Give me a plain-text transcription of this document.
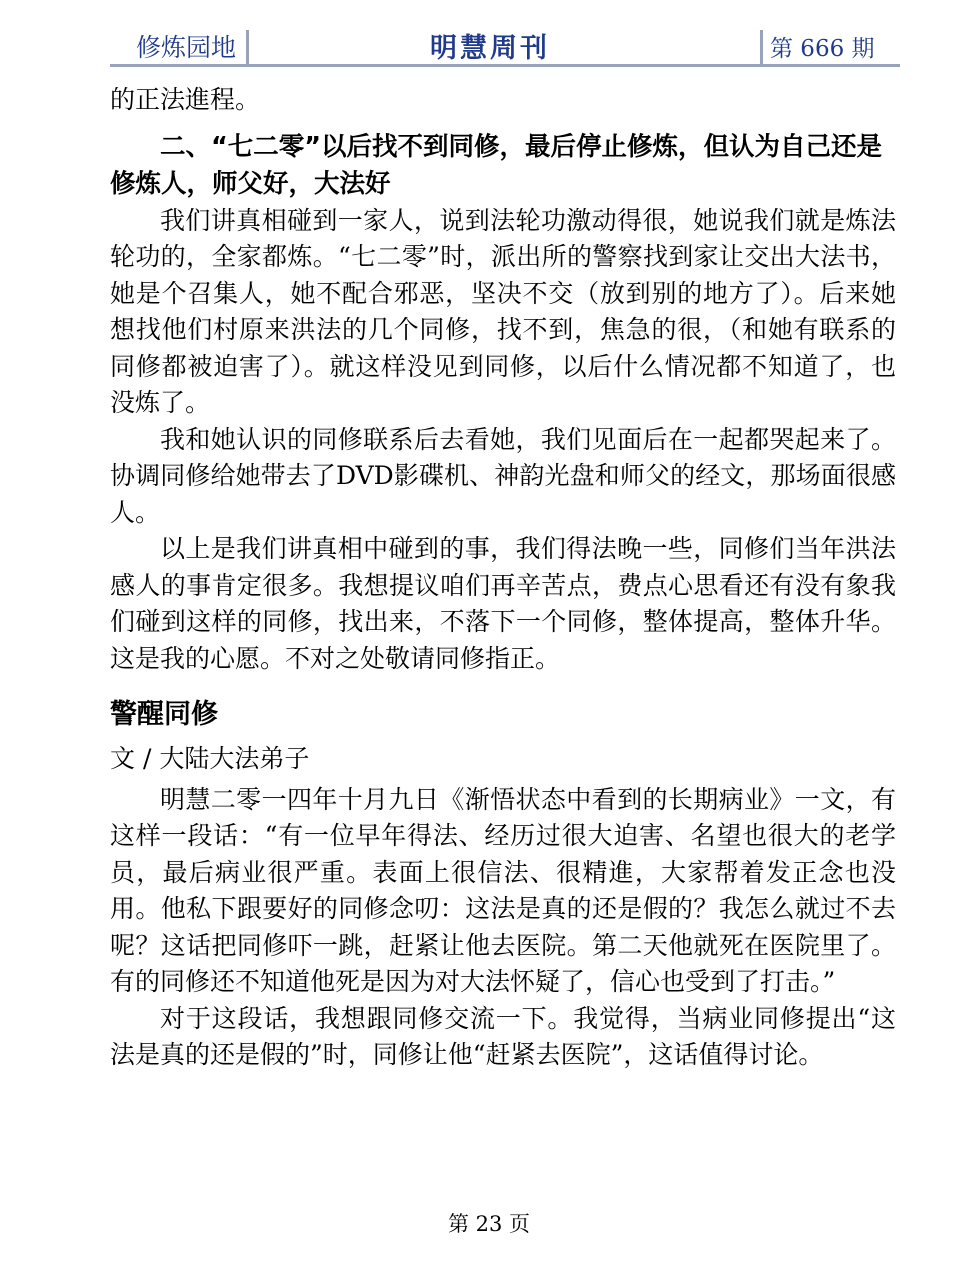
修炼园地	明慧周刊	第 666 期

的正法進程。

二、“七二零”以后找不到同修，最后停止修炼，但认为自己还是修炼人，师父好，大法好

我们讲真相碰到一家人，说到法轮功激动得很，她说我们就是炼法轮功的，全家都炼。“七二零”时，派出所的警察找到家让交出大法书，她是个召集人，她不配合邪恶，坚决不交（放到别的地方了）。后来她想找他们村原来洪法的几个同修，找不到，焦急的很，（和她有联系的同修都被迫害了）。就这样没见到同修，以后什么情况都不知道了，也没炼了。

我和她认识的同修联系后去看她，我们见面后在一起都哭起来了。协调同修给她带去了DVD影碟机、神韵光盘和师父的经文，那场面很感人。

以上是我们讲真相中碰到的事，我们得法晚一些，同修们当年洪法感人的事肯定很多。我想提议咱们再辛苦点，费点心思看还有没有象我们碰到这样的同修，找出来，不落下一个同修，整体提高，整体升华。这是我的心愿。不对之处敬请同修指正。

警醒同修

文 / 大陆大法弟子

明慧二零一四年十月九日《渐悟状态中看到的长期病业》一文，有这样一段话：“有一位早年得法、经历过很大迫害、名望也很大的老学员，最后病业很严重。表面上很信法、很精進，大家帮着发正念也没用。他私下跟要好的同修念叨：这法是真的还是假的？我怎么就过不去呢？这话把同修吓一跳，赶紧让他去医院。第二天他就死在医院里了。有的同修还不知道他死是因为对大法怀疑了，信心也受到了打击。”

对于这段话，我想跟同修交流一下。我觉得，当病业同修提出“这法是真的还是假的”时，同修让他“赶紧去医院”，这话值得讨论。

第 23 页
